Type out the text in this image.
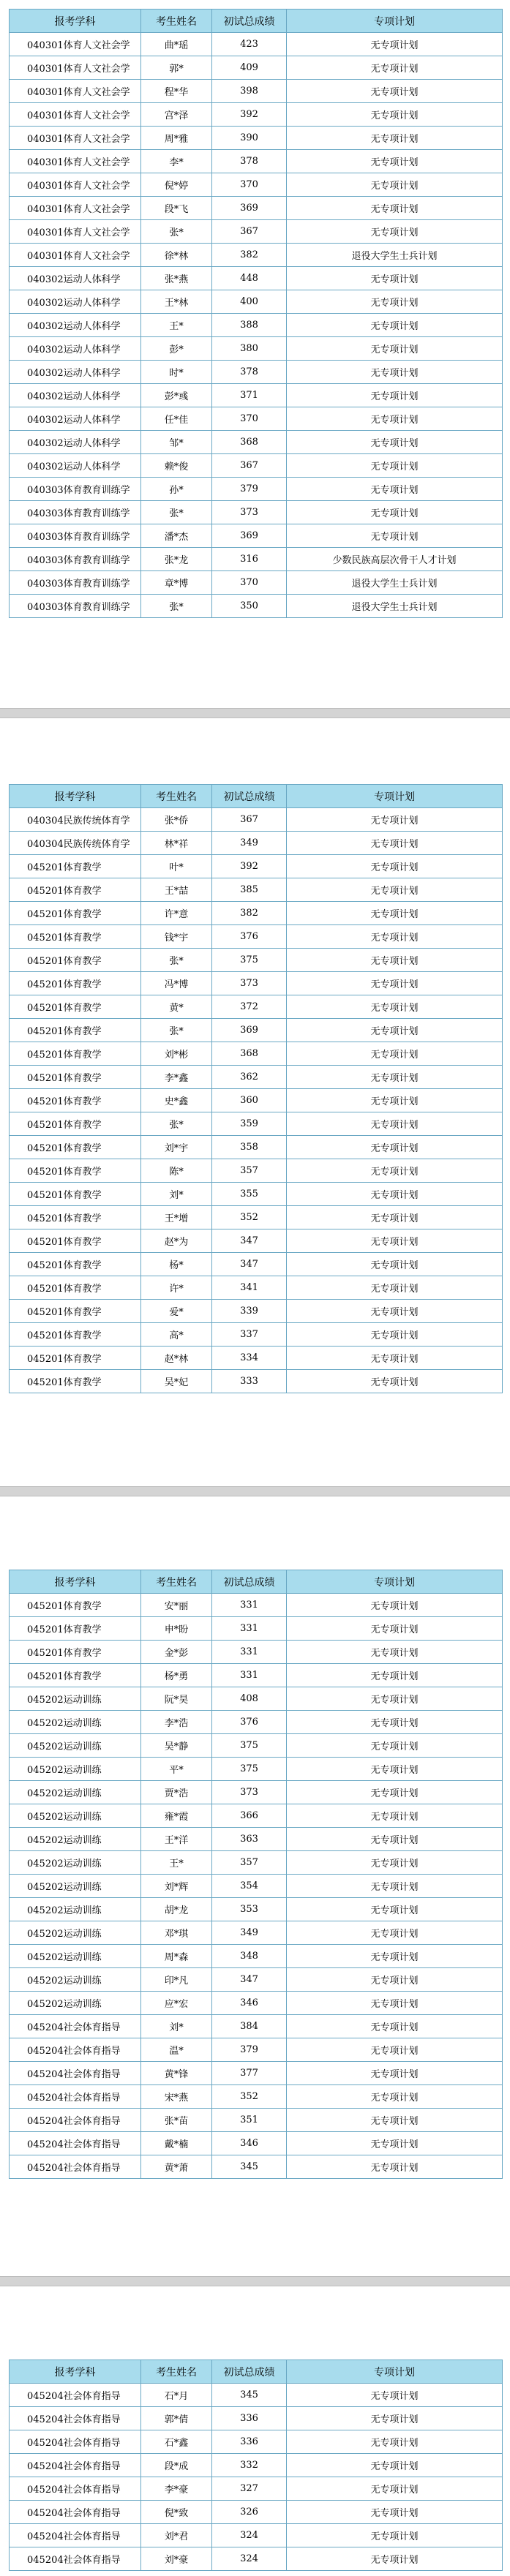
报考学科	考生姓名	初试总成绩	专项计划
040301体育人文社会学	曲*瑶	423	无专项计划
040301体育人文社会学	郭*	409	无专项计划
040301体育人文社会学	程*华	398	无专项计划
040301体育人文社会学	宫*泽	392	无专项计划
040301体育人文社会学	周*雅	390	无专项计划
040301体育人文社会学	李*	378	无专项计划
040301体育人文社会学	倪*婷	370	无专项计划
040301体育人文社会学	段*飞	369	无专项计划
040301体育人文社会学	张*	367	无专项计划
040301体育人文社会学	徐*林	382	退役大学生士兵计划
040302运动人体科学	张*燕	448	无专项计划
040302运动人体科学	王*林	400	无专项计划
040302运动人体科学	王*	388	无专项计划
040302运动人体科学	彭*	380	无专项计划
040302运动人体科学	时*	378	无专项计划
040302运动人体科学	彭*彧	371	无专项计划
040302运动人体科学	任*佳	370	无专项计划
040302运动人体科学	邹*	368	无专项计划
040302运动人体科学	赖*俊	367	无专项计划
040303体育教育训练学	孙*	379	无专项计划
040303体育教育训练学	张*	373	无专项计划
040303体育教育训练学	潘*杰	369	无专项计划
040303体育教育训练学	张*龙	316	少数民族高层次骨干人才计划
040303体育教育训练学	章*博	370	退役大学生士兵计划
040303体育教育训练学	张*	350	退役大学生士兵计划
报考学科	考生姓名	初试总成绩	专项计划
040304民族传统体育学	张*侨	367	无专项计划
040304民族传统体育学	林*祥	349	无专项计划
045201体育教学	叶*	392	无专项计划
045201体育教学	王*喆	385	无专项计划
045201体育教学	许*意	382	无专项计划
045201体育教学	钱*宇	376	无专项计划
045201体育教学	张*	375	无专项计划
045201体育教学	冯*博	373	无专项计划
045201体育教学	黄*	372	无专项计划
045201体育教学	张*	369	无专项计划
045201体育教学	刘*彬	368	无专项计划
045201体育教学	李*鑫	362	无专项计划
045201体育教学	史*鑫	360	无专项计划
045201体育教学	张*	359	无专项计划
045201体育教学	刘*宇	358	无专项计划
045201体育教学	陈*	357	无专项计划
045201体育教学	刘*	355	无专项计划
045201体育教学	王*增	352	无专项计划
045201体育教学	赵*为	347	无专项计划
045201体育教学	杨*	347	无专项计划
045201体育教学	许*	341	无专项计划
045201体育教学	爱*	339	无专项计划
045201体育教学	高*	337	无专项计划
045201体育教学	赵*林	334	无专项计划
045201体育教学	吴*妃	333	无专项计划
报考学科	考生姓名	初试总成绩	专项计划
045201体育教学	安*丽	331	无专项计划
045201体育教学	申*盼	331	无专项计划
045201体育教学	金*彭	331	无专项计划
045201体育教学	杨*勇	331	无专项计划
045202运动训练	阮*昊	408	无专项计划
045202运动训练	李*浩	376	无专项计划
045202运动训练	吴*静	375	无专项计划
045202运动训练	平*	375	无专项计划
045202运动训练	贾*浩	373	无专项计划
045202运动训练	雍*霞	366	无专项计划
045202运动训练	王*洋	363	无专项计划
045202运动训练	王*	357	无专项计划
045202运动训练	刘*辉	354	无专项计划
045202运动训练	胡*龙	353	无专项计划
045202运动训练	邓*琪	349	无专项计划
045202运动训练	周*森	348	无专项计划
045202运动训练	印*凡	347	无专项计划
045202运动训练	应*宏	346	无专项计划
045204社会体育指导	刘*	384	无专项计划
045204社会体育指导	温*	379	无专项计划
045204社会体育指导	黄*锋	377	无专项计划
045204社会体育指导	宋*燕	352	无专项计划
045204社会体育指导	张*苗	351	无专项计划
045204社会体育指导	戴*楠	346	无专项计划
045204社会体育指导	黄*萧	345	无专项计划
报考学科	考生姓名	初试总成绩	专项计划
045204社会体育指导	石*月	345	无专项计划
045204社会体育指导	郭*倩	336	无专项计划
045204社会体育指导	石*鑫	336	无专项计划
045204社会体育指导	段*成	332	无专项计划
045204社会体育指导	李*豪	327	无专项计划
045204社会体育指导	倪*致	326	无专项计划
045204社会体育指导	刘*君	324	无专项计划
045204社会体育指导	刘*豪	324	无专项计划
